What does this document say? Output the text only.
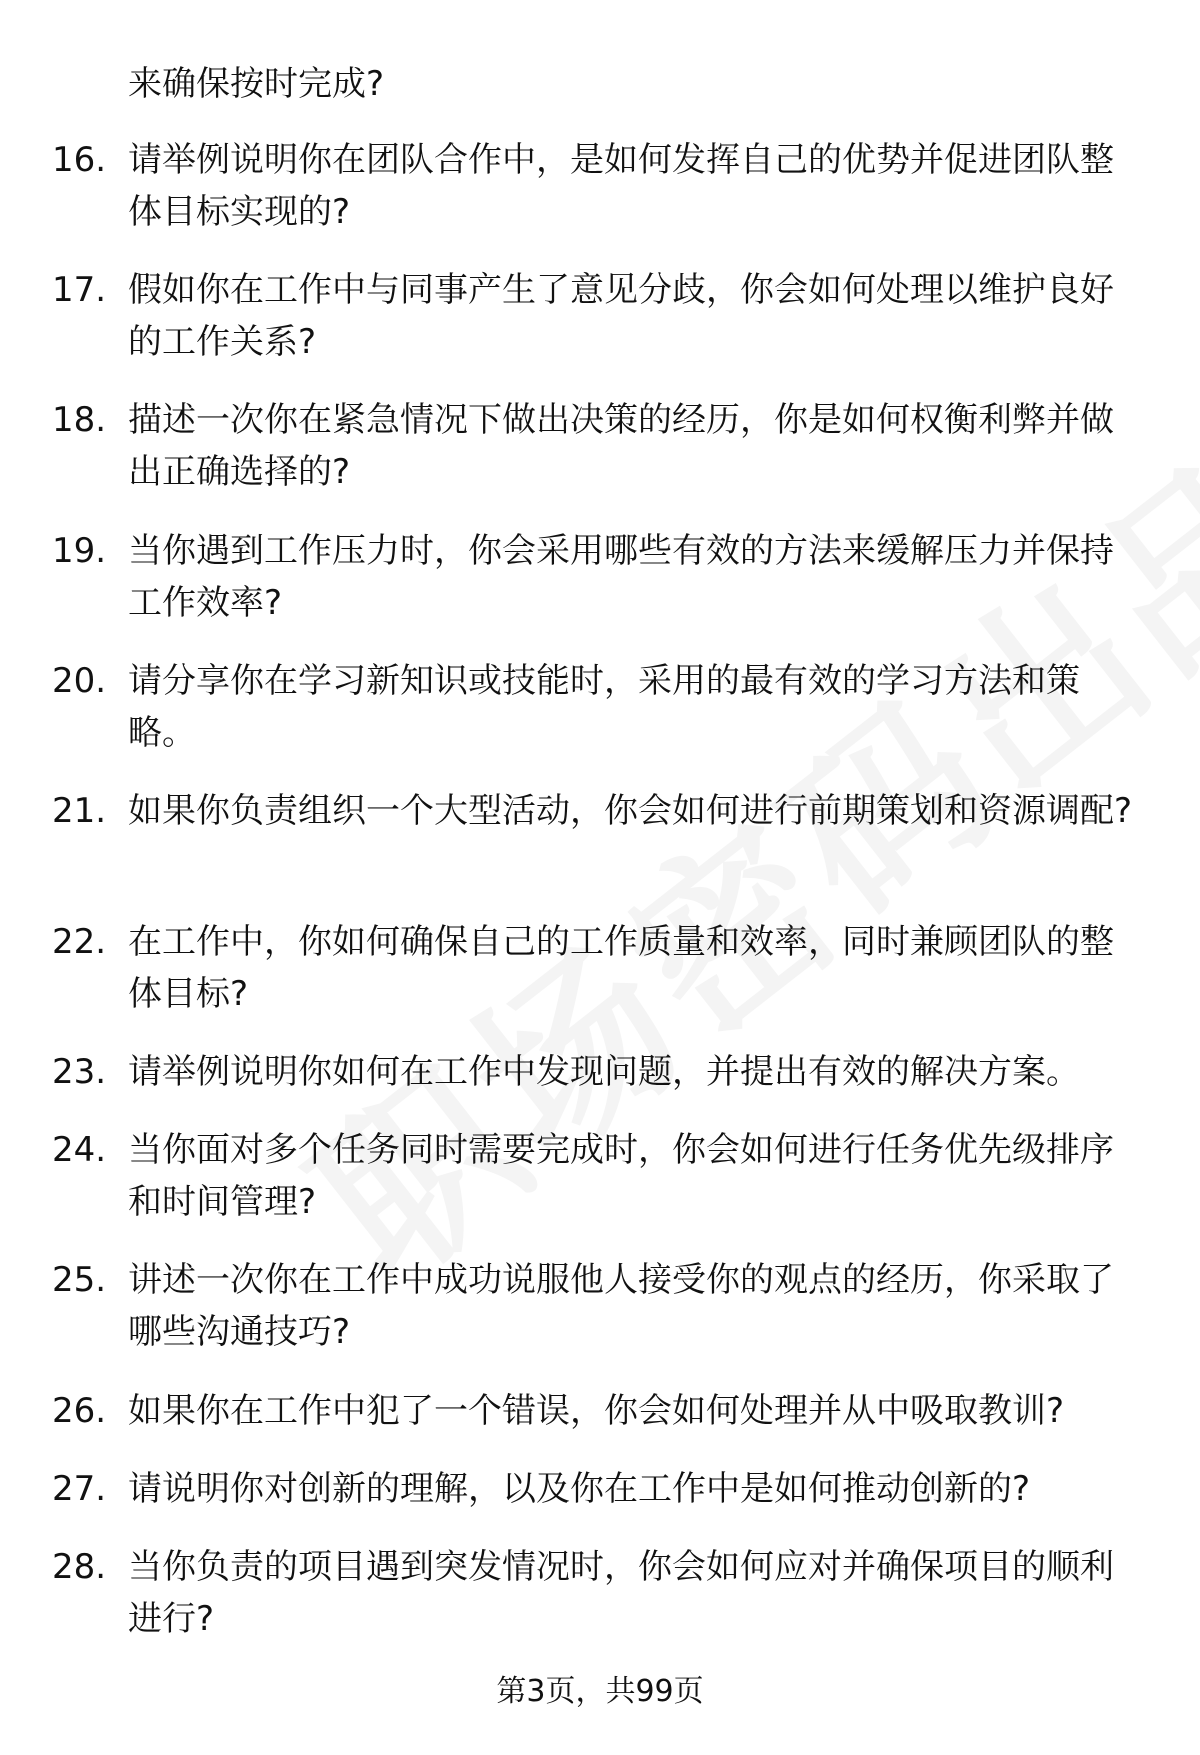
来确保按时完成?
16. 请举例说明你在团队合作中，是如何发挥自己的优势并促进团队整体目标实现的?
17. 假如你在工作中与同事产生了意见分歧，你会如何处理以维护良好的工作关系?
18. 描述一次你在紧急情况下做出决策的经历，你是如何权衡利弊并做出正确选择的?
19. 当你遇到工作压力时，你会采用哪些有效的方法来缓解压力并保持工作效率?
20. 请分享你在学习新知识或技能时，采用的最有效的学习方法和策略。
21. 如果你负责组织一个大型活动，你会如何进行前期策划和资源调配?
22. 在工作中，你如何确保自己的工作质量和效率，同时兼顾团队的整体目标?
23. 请举例说明你如何在工作中发现问题，并提出有效的解决方案。
24. 当你面对多个任务同时需要完成时，你会如何进行任务优先级排序和时间管理?
25. 讲述一次你在工作中成功说服他人接受你的观点的经历，你采取了哪些沟通技巧?
26. 如果你在工作中犯了一个错误，你会如何处理并从中吸取教训?
27. 请说明你对创新的理解，以及你在工作中是如何推动创新的?
28. 当你负责的项目遇到突发情况时，你会如何应对并确保项目的顺利进行?
第3页，共99页
